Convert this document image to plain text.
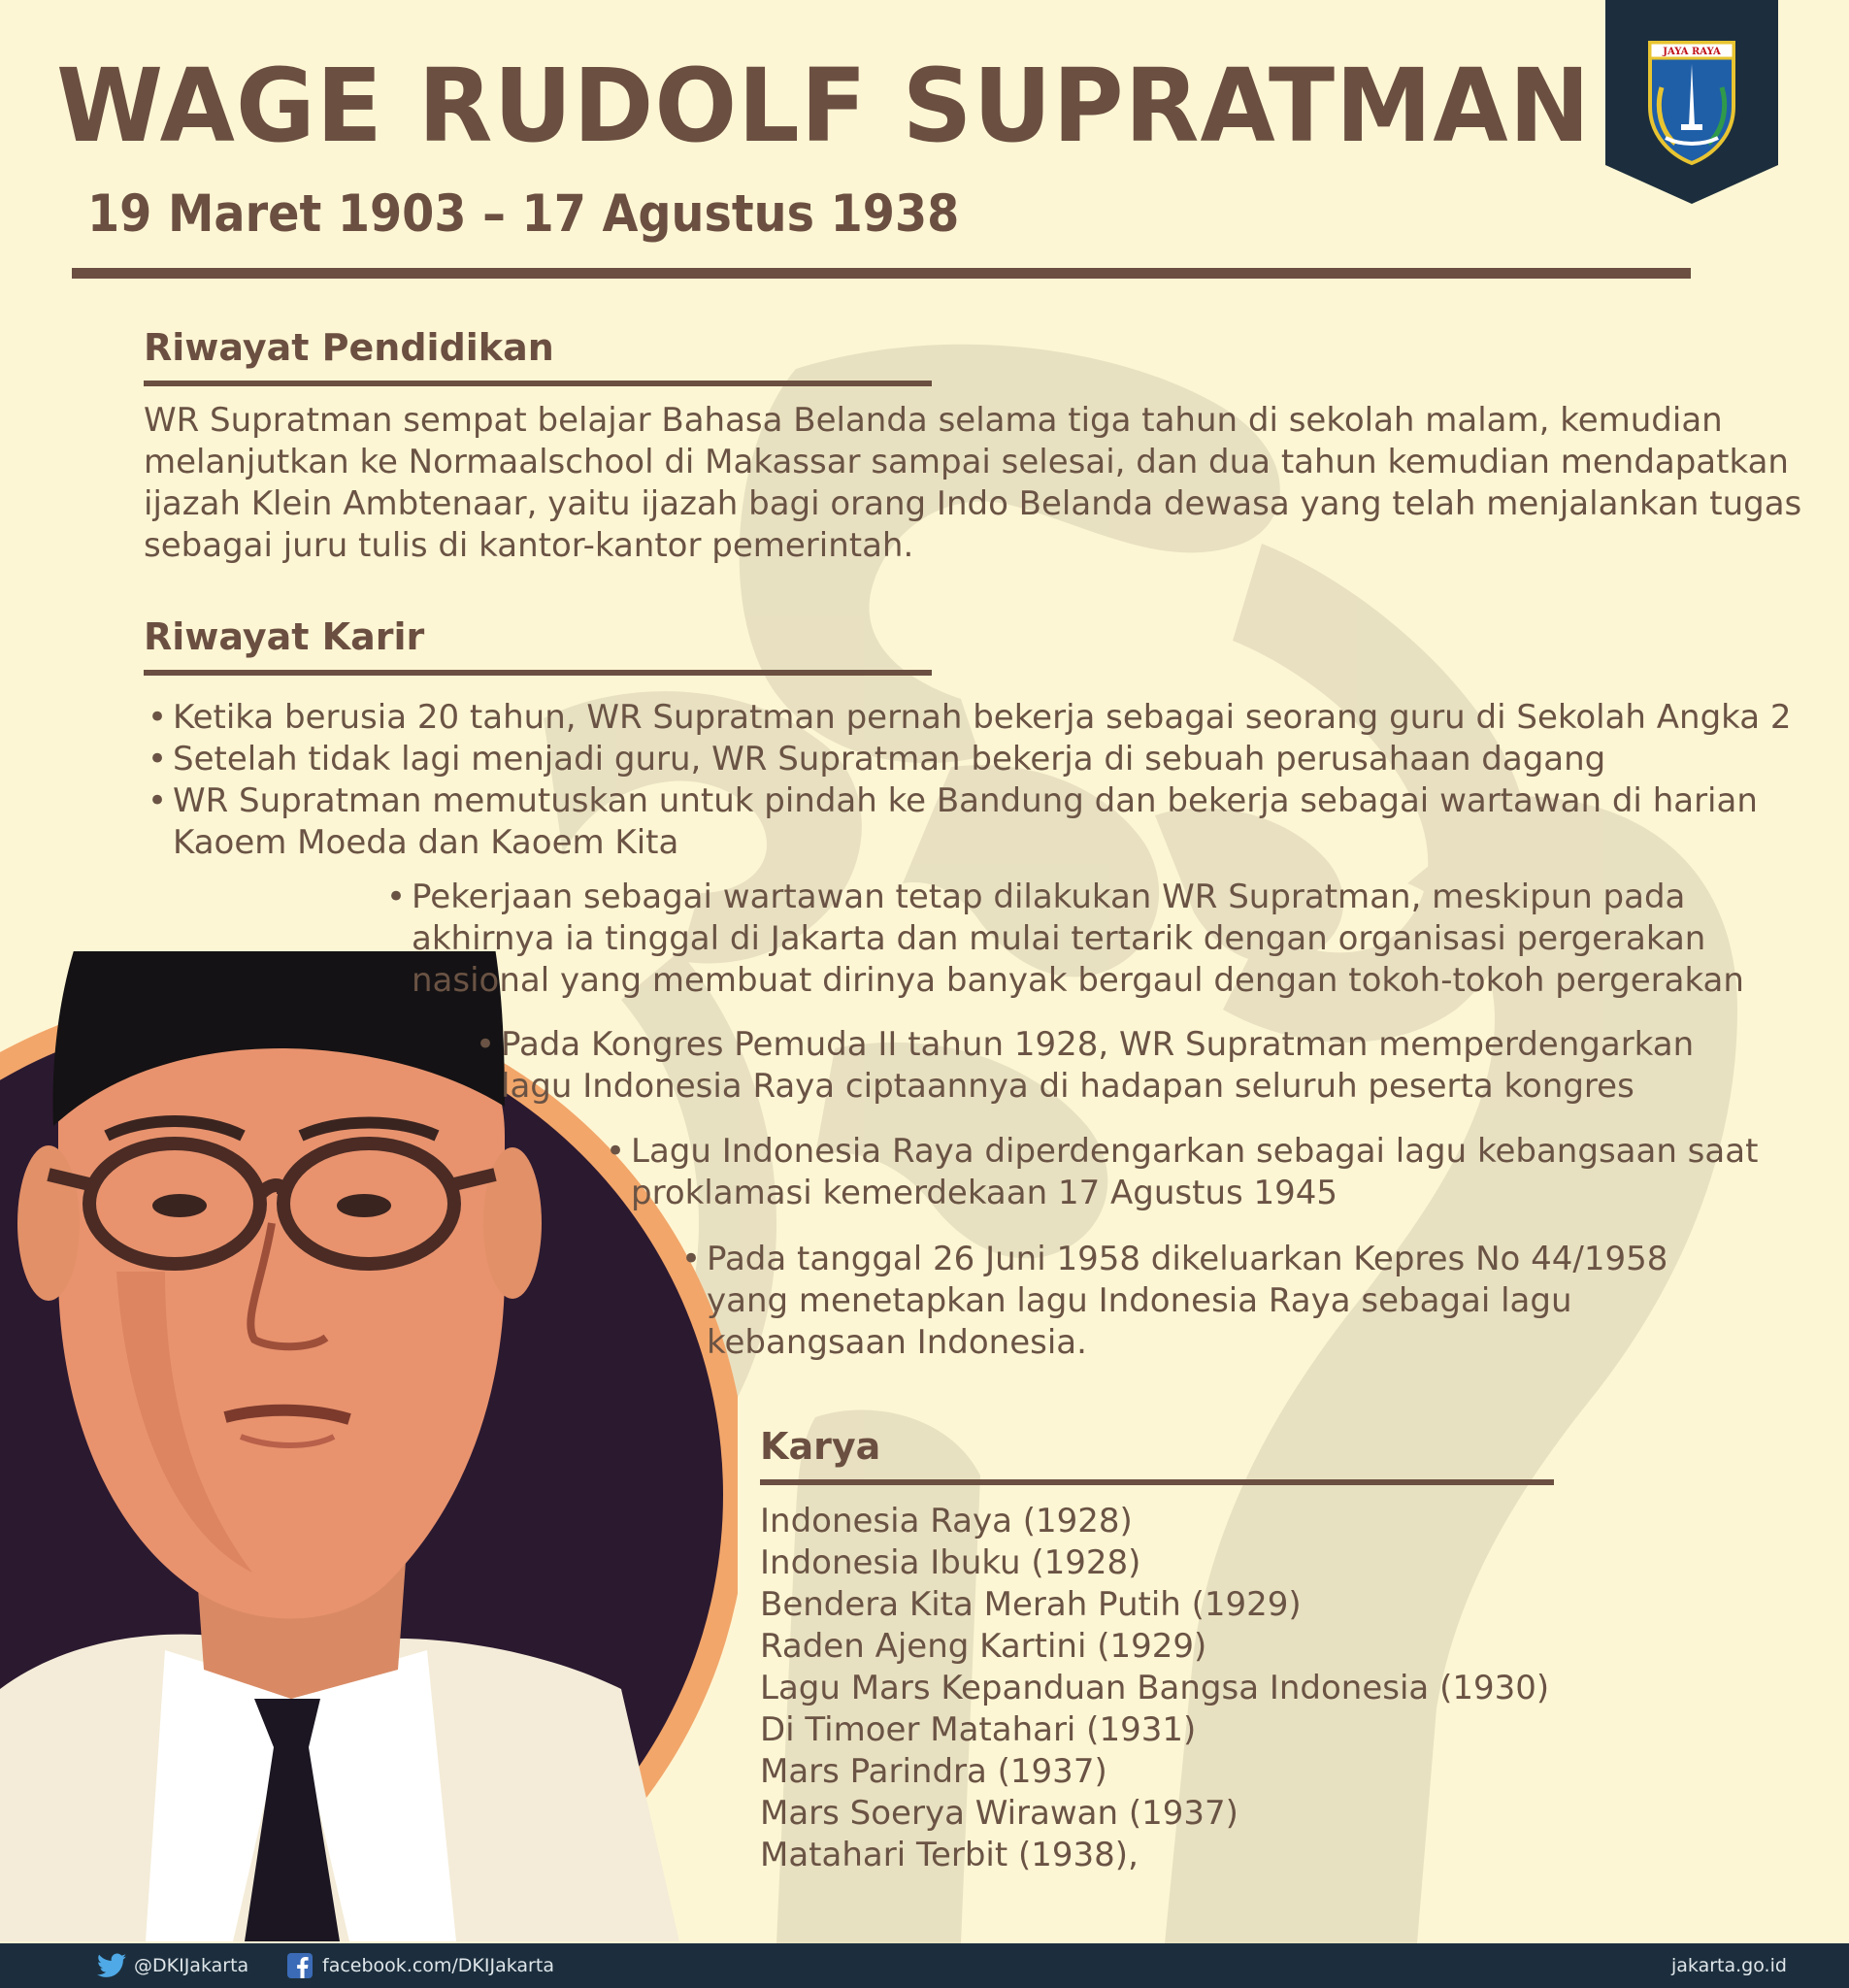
WAGE RUDOLF SUPRATMAN

19 Maret 1903 – 17 Agustus 1938

JAYA RAYA
Riwayat Pendidikan
WR Supratman sempat belajar Bahasa Belanda selama tiga tahun di sekolah malam, kemudian
melanjutkan ke Normaalschool di Makassar sampai selesai, dan dua tahun kemudian mendapatkan
ijazah Klein Ambtenaar, yaitu ijazah bagi orang Indo Belanda dewasa yang telah menjalankan tugas
sebagai juru tulis di kantor-kantor pemerintah.
Riwayat Karir
• Ketika berusia 20 tahun, WR Supratman pernah bekerja sebagai seorang guru di Sekolah Angka 2
• Setelah tidak lagi menjadi guru, WR Supratman bekerja di sebuah perusahaan dagang
• WR Supratman memutuskan untuk pindah ke Bandung dan bekerja sebagai wartawan di harian
Kaoem Moeda dan Kaoem Kita
• Pekerjaan sebagai wartawan tetap dilakukan WR Supratman, meskipun pada
akhirnya ia tinggal di Jakarta dan mulai tertarik dengan organisasi pergerakan
nasional yang membuat dirinya banyak bergaul dengan tokoh-tokoh pergerakan
• Pada Kongres Pemuda II tahun 1928, WR Supratman memperdengarkan
lagu Indonesia Raya ciptaannya di hadapan seluruh peserta kongres
• Lagu Indonesia Raya diperdengarkan sebagai lagu kebangsaan saat
proklamasi kemerdekaan 17 Agustus 1945
• Pada tanggal 26 Juni 1958 dikeluarkan Kepres No 44/1958
yang menetapkan lagu Indonesia Raya sebagai lagu
kebangsaan Indonesia.
Karya
Indonesia Raya (1928)
Indonesia Ibuku (1928)
Bendera Kita Merah Putih (1929)
Raden Ajeng Kartini (1929)
Lagu Mars Kepanduan Bangsa Indonesia (1930)
Di Timoer Matahari (1931)
Mars Parindra (1937)
Mars Soerya Wirawan (1937)
Matahari Terbit (1938),
@DKIJakarta	facebook.com/DKIJakarta	jakarta.go.id
